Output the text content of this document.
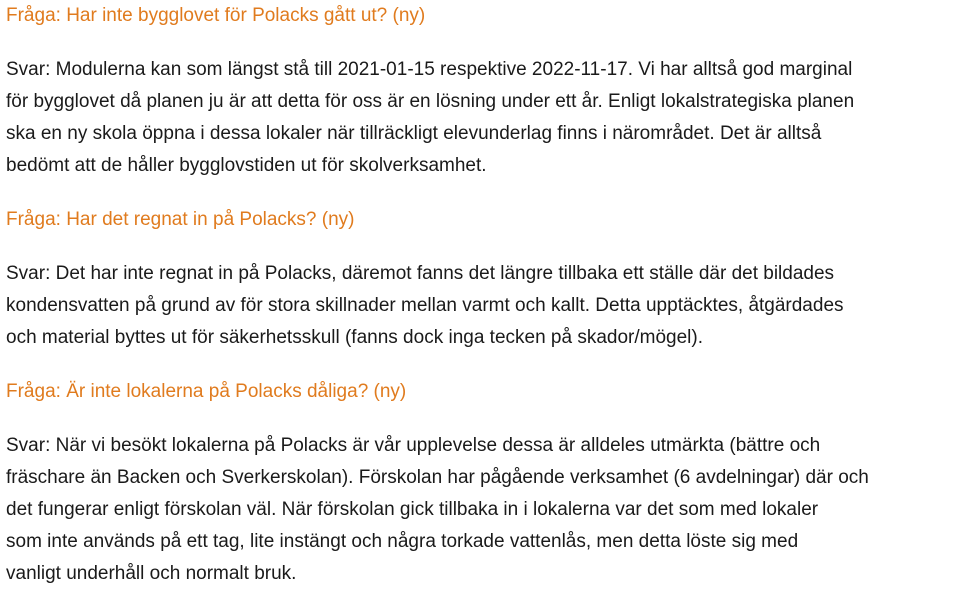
Fråga: Har inte bygglovet för Polacks gått ut? (ny)

Svar: Modulerna kan som längst stå till 2021-01-15 respektive 2022-11-17. Vi har alltså god marginal
för bygglovet då planen ju är att detta för oss är en lösning under ett år. Enligt lokalstrategiska planen
ska en ny skola öppna i dessa lokaler när tillräckligt elevunderlag finns i närområdet. Det är alltså
bedömt att de håller bygglovstiden ut för skolverksamhet.

Fråga: Har det regnat in på Polacks? (ny)

Svar: Det har inte regnat in på Polacks, däremot fanns det längre tillbaka ett ställe där det bildades
kondensvatten på grund av för stora skillnader mellan varmt och kallt. Detta upptäcktes, åtgärdades
och material byttes ut för säkerhetsskull (fanns dock inga tecken på skador/mögel).

Fråga: Är inte lokalerna på Polacks dåliga? (ny)

Svar: När vi besökt lokalerna på Polacks är vår upplevelse dessa är alldeles utmärkta (bättre och
fräschare än Backen och Sverkerskolan). Förskolan har pågående verksamhet (6 avdelningar) där och
det fungerar enligt förskolan väl. När förskolan gick tillbaka in i lokalerna var det som med lokaler
som inte används på ett tag, lite instängt och några torkade vattenlås, men detta löste sig med
vanligt underhåll och normalt bruk.
